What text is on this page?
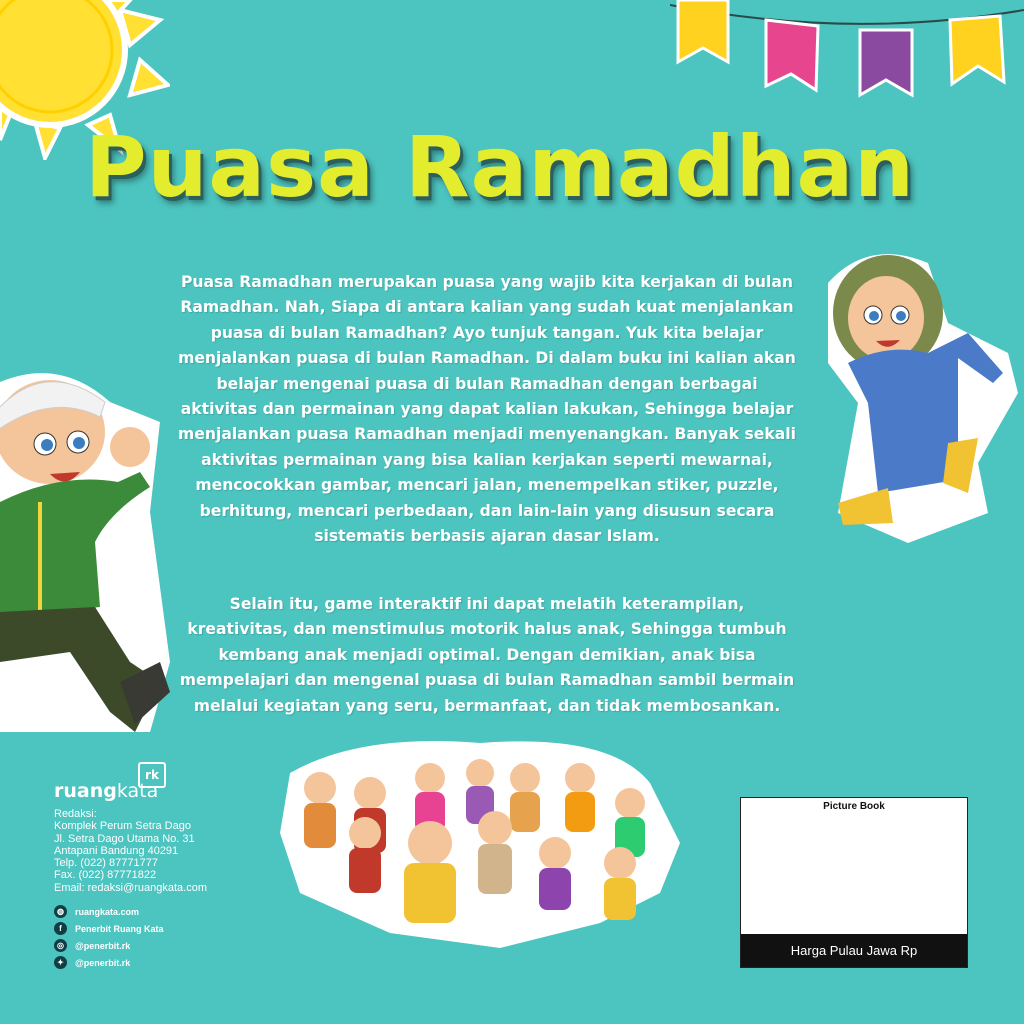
Puasa Ramadhan
Puasa Ramadhan merupakan puasa yang wajib kita kerjakan di bulan Ramadhan. Nah, Siapa di antara kalian yang sudah kuat menjalankan puasa di bulan Ramadhan? Ayo tunjuk tangan. Yuk kita belajar menjalankan puasa di bulan Ramadhan. Di dalam buku ini kalian akan belajar mengenai puasa di bulan Ramadhan dengan berbagai aktivitas dan permainan yang dapat kalian lakukan, Sehingga belajar menjalankan puasa Ramadhan menjadi menyenangkan. Banyak sekali aktivitas permainan yang bisa kalian kerjakan seperti mewarnai, mencocokkan gambar, mencari jalan, menempelkan stiker, puzzle, berhitung, mencari perbedaan, dan lain-lain yang disusun secara sistematis berbasis ajaran dasar Islam.
Selain itu, game interaktif ini dapat melatih keterampilan, kreativitas, dan menstimulus motorik halus anak, Sehingga tumbuh kembang anak menjadi optimal. Dengan demikian, anak bisa mempelajari dan mengenal puasa di bulan Ramadhan sambil bermain melalui kegiatan yang seru, bermanfaat, dan tidak membosankan.
ruangkata
rk
Redaksi:
Komplek Perum Setra Dago
Jl. Setra Dago Utama No. 31
Antapani Bandung 40291
Telp. (022) 87771777
Fax. (022) 87771822
Email: redaksi@ruangkata.com
◍	ruangkata.com
f	Penerbit Ruang Kata
◎	@penerbit.rk
✦	@penerbit.rk
Picture Book
Harga Pulau Jawa Rp
